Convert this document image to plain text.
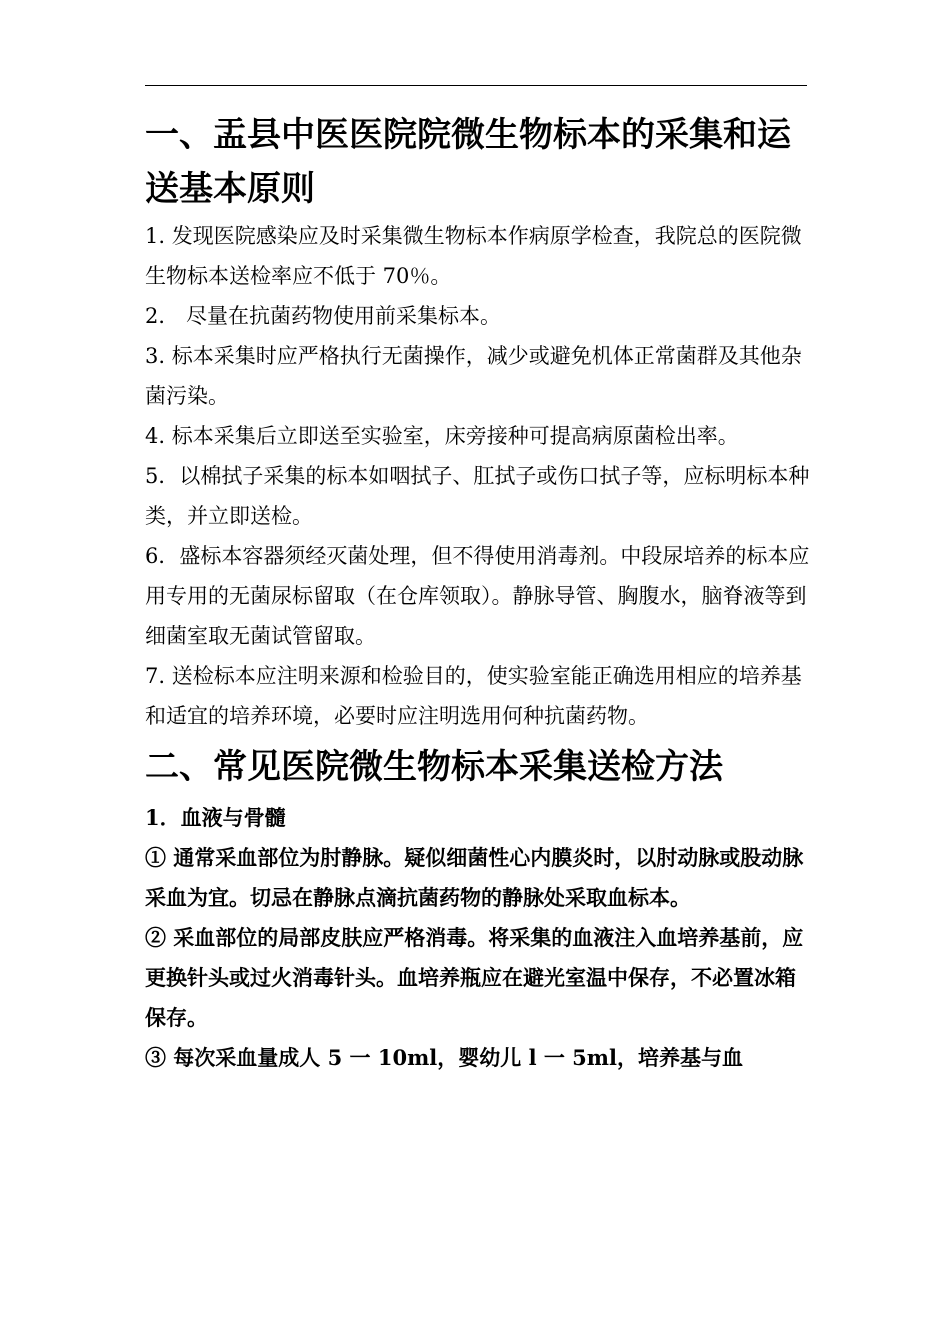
一、盂县中医医院院微生物标本的采集和运送基本原则

1. 发现医院感染应及时采集微生物标本作病原学检查，我院总的医院微生物标本送检率应不低于 70％。

2． 尽量在抗菌药物使用前采集标本。

3. 标本采集时应严格执行无菌操作，减少或避免机体正常菌群及其他杂菌污染。

4. 标本采集后立即送至实验室，床旁接种可提高病原菌检出率。

5．以棉拭子采集的标本如咽拭子、肛拭子或伤口拭子等，应标明标本种类，并立即送检。

6．盛标本容器须经灭菌处理，但不得使用消毒剂。中段尿培养的标本应用专用的无菌尿标留取（在仓库领取）。静脉导管、胸腹水，脑脊液等到细菌室取无菌试管留取。

7. 送检标本应注明来源和检验目的，使实验室能正确选用相应的培养基和适宜的培养环境，必要时应注明选用何种抗菌药物。

二、常见医院微生物标本采集送检方法

1．血液与骨髓

① 通常采血部位为肘静脉。疑似细菌性心内膜炎时，以肘动脉或股动脉采血为宜。切忌在静脉点滴抗菌药物的静脉处采取血标本。

② 采血部位的局部皮肤应严格消毒。将采集的血液注入血培养基前，应更换针头或过火消毒针头。血培养瓶应在避光室温中保存，不必置冰箱保存。

③ 每次采血量成人 5 一 10ml，婴幼儿 l 一 5ml，培养基与血
